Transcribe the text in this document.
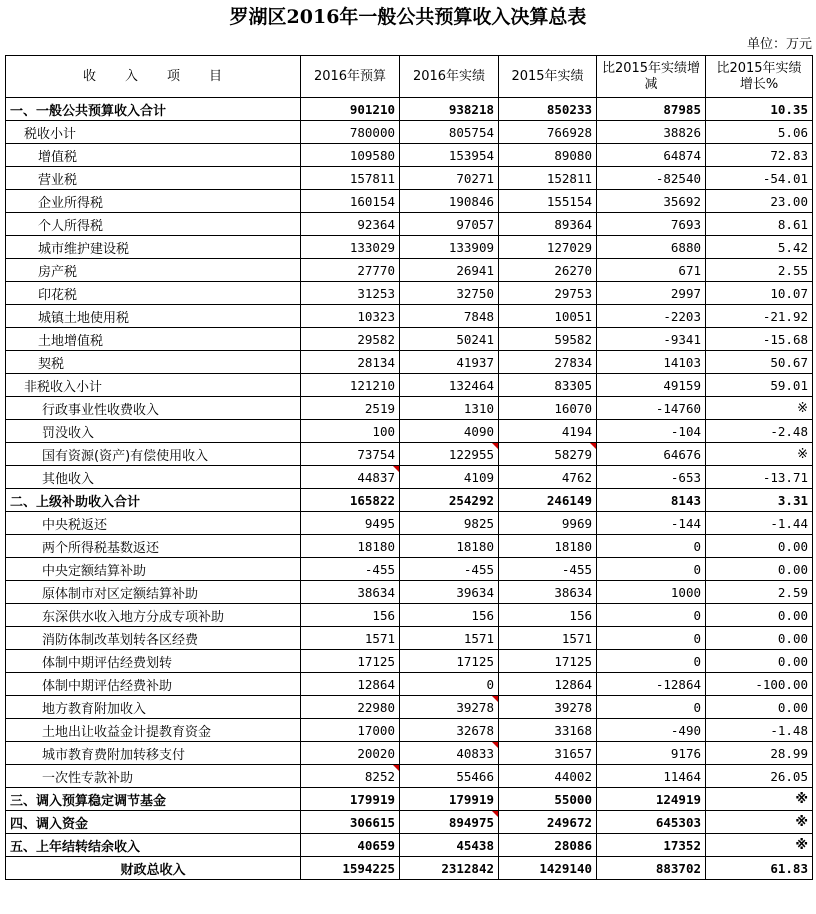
罗湖区2016年一般公共预算收入决算总表
单位：万元
收　　入　　项　　目	2016年预算	2016年实绩	2015年实绩	比2015年实绩增减	比2015年实绩增长%
一、一般公共预算收入合计	901210	938218	850233	87985	10.35
税收小计	780000	805754	766928	38826	5.06
增值税	109580	153954	89080	64874	72.83
营业税	157811	70271	152811	-82540	-54.01
企业所得税	160154	190846	155154	35692	23.00
个人所得税	92364	97057	89364	7693	8.61
城市维护建设税	133029	133909	127029	6880	5.42
房产税	27770	26941	26270	671	2.55
印花税	31253	32750	29753	2997	10.07
城镇土地使用税	10323	7848	10051	-2203	-21.92
土地增值税	29582	50241	59582	-9341	-15.68
契税	28134	41937	27834	14103	50.67
非税收入小计	121210	132464	83305	49159	59.01
行政事业性收费收入	2519	1310	16070	-14760	※
罚没收入	100	4090	4194	-104	-2.48
国有资源(资产)有偿使用收入	73754	122955	58279	64676	※
其他收入	44837	4109	4762	-653	-13.71
二、上级补助收入合计	165822	254292	246149	8143	3.31
中央税返还	9495	9825	9969	-144	-1.44
两个所得税基数返还	18180	18180	18180	0	0.00
中央定额结算补助	-455	-455	-455	0	0.00
原体制市对区定额结算补助	38634	39634	38634	1000	2.59
东深供水收入地方分成专项补助	156	156	156	0	0.00
消防体制改革划转各区经费	1571	1571	1571	0	0.00
体制中期评估经费划转	17125	17125	17125	0	0.00
体制中期评估经费补助	12864	0	12864	-12864	-100.00
地方教育附加收入	22980	39278	39278	0	0.00
土地出让收益金计提教育资金	17000	32678	33168	-490	-1.48
城市教育费附加转移支付	20020	40833	31657	9176	28.99
一次性专款补助	8252	55466	44002	11464	26.05
三、调入预算稳定调节基金	179919	179919	55000	124919	※
四、调入资金	306615	894975	249672	645303	※
五、上年结转结余收入	40659	45438	28086	17352	※
财政总收入	1594225	2312842	1429140	883702	61.83
